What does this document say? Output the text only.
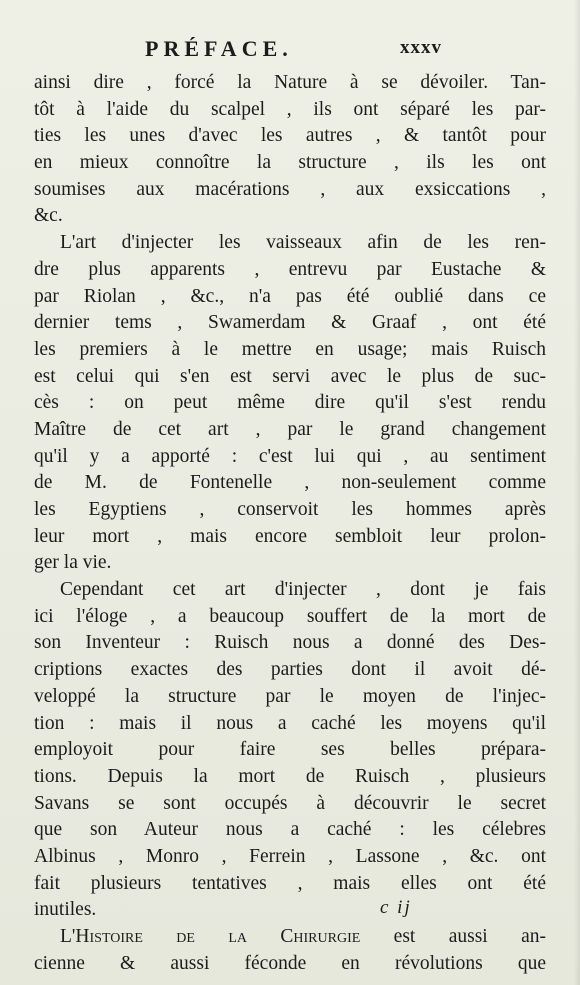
PRÉFACE.	xxxv
ainsi dire , forcé la Nature à se dévoiler. Tan-
tôt à l'aide du scalpel , ils ont séparé les par-
ties les unes d'avec les autres , & tantôt pour
en mieux connoître la structure , ils les ont
soumises aux macérations , aux exsiccations ,
&c.
L'art d'injecter les vaisseaux afin de les ren-
dre plus apparents , entrevu par Eustache &
par Riolan , &c., n'a pas été oublié dans ce
dernier tems , Swamerdam & Graaf , ont été
les premiers à le mettre en usage; mais Ruisch
est celui qui s'en est servi avec le plus de suc-
cès : on peut même dire qu'il s'est rendu
Maître de cet art , par le grand changement
qu'il y a apporté : c'est lui qui , au sentiment
de M. de Fontenelle , non-seulement comme
les Egyptiens , conservoit les hommes après
leur mort , mais encore sembloit leur prolon-
ger la vie.
Cependant cet art d'injecter , dont je fais
ici l'éloge , a beaucoup souffert de la mort de
son Inventeur : Ruisch nous a donné des Des-
criptions exactes des parties dont il avoit dé-
veloppé la structure par le moyen de l'injec-
tion : mais il nous a caché les moyens qu'il
employoit pour faire ses belles prépara-
tions. Depuis la mort de Ruisch , plusieurs
Savans se sont occupés à découvrir le secret
que son Auteur nous a caché : les célebres
Albinus , Monro , Ferrein , Lassone , &c. ont
fait plusieurs tentatives , mais elles ont été
inutiles.
L'Histoire de la Chirurgie est aussi an-
cienne & aussi féconde en révolutions que
c ij
